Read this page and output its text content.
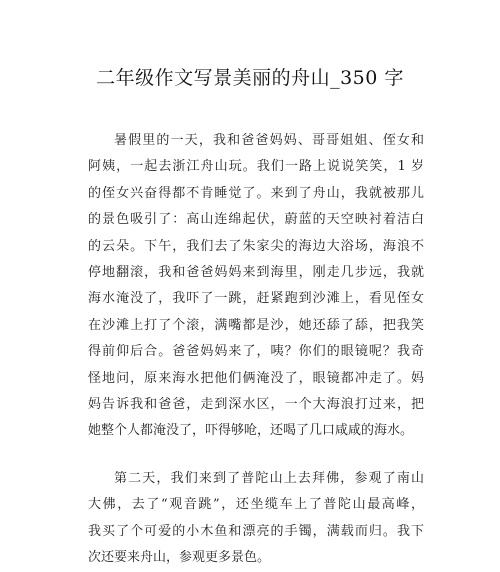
二年级作文写景美丽的舟山_350 字
暑假里的一天，我和爸爸妈妈、哥哥姐姐、侄女和
阿姨，一起去浙江舟山玩。我们一路上说说笑笑，1 岁
的侄女兴奋得都不肯睡觉了。来到了舟山，我就被那儿
的景色吸引了：高山连绵起伏，蔚蓝的天空映衬着洁白
的云朵。下午，我们去了朱家尖的海边大浴场，海浪不
停地翻滚，我和爸爸妈妈来到海里，刚走几步远，我就
海水淹没了，我吓了一跳，赶紧跑到沙滩上，看见侄女
在沙滩上打了个滚，满嘴都是沙，她还舔了舔，把我笑
得前仰后合。爸爸妈妈来了，咦？你们的眼镜呢？我奇
怪地问，原来海水把他们俩淹没了，眼镜都冲走了。妈
妈告诉我和爸爸，走到深水区，一个大海浪打过来，把
她整个人都淹没了，吓得够呛，还喝了几口咸咸的海水。
第二天，我们来到了普陀山上去拜佛，参观了南山
大佛，去了“观音跳”，还坐缆车上了普陀山最高峰，
我买了个可爱的小木鱼和漂亮的手镯，满载而归。我下
次还要来舟山，参观更多景色。
